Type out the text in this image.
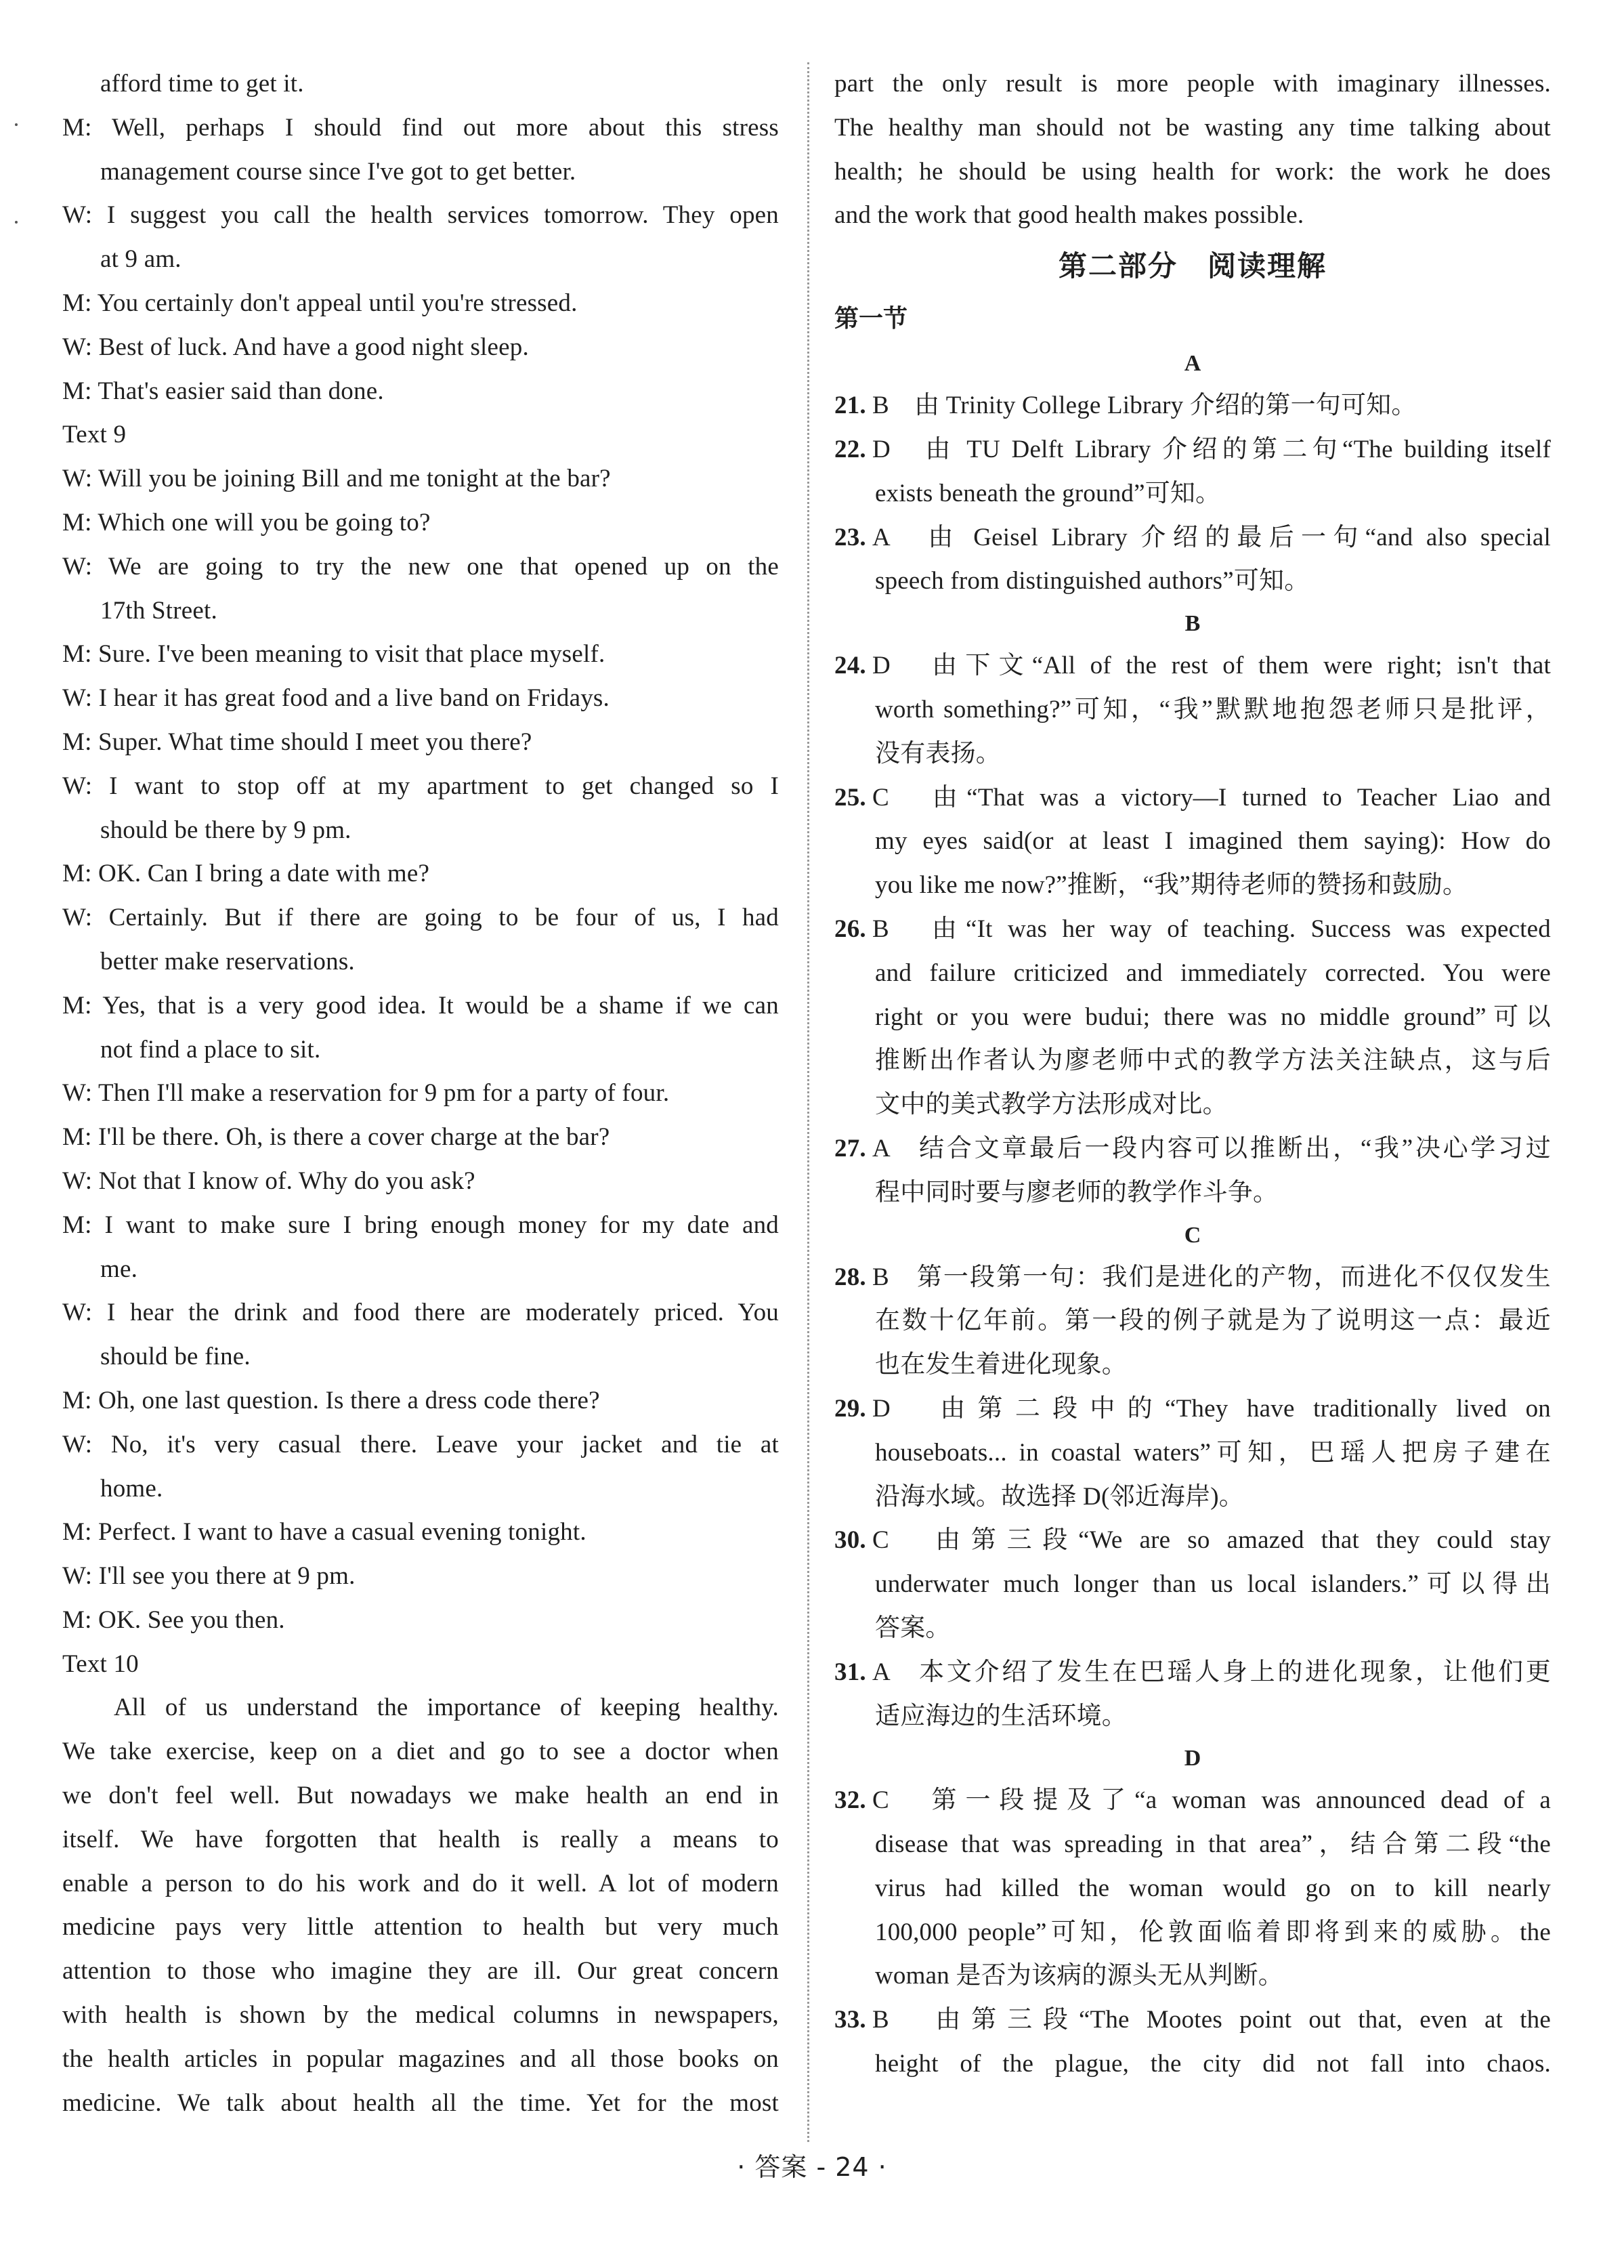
afford time to get it.
M: Well, perhaps I should find out more about this stress
management course since I've got to get better.
W: I suggest you call the health services tomorrow. They open
at 9 am.
M: You certainly don't appeal until you're stressed.
W: Best of luck. And have a good night sleep.
M: That's easier said than done.
Text 9
W: Will you be joining Bill and me tonight at the bar?
M: Which one will you be going to?
W: We are going to try the new one that opened up on the
17th Street.
M: Sure. I've been meaning to visit that place myself.
W: I hear it has great food and a live band on Fridays.
M: Super. What time should I meet you there?
W: I want to stop off at my apartment to get changed so I
should be there by 9 pm.
M: OK. Can I bring a date with me?
W: Certainly. But if there are going to be four of us, I had
better make reservations.
M: Yes, that is a very good idea. It would be a shame if we can
not find a place to sit.
W: Then I'll make a reservation for 9 pm for a party of four.
M: I'll be there. Oh, is there a cover charge at the bar?
W: Not that I know of. Why do you ask?
M: I want to make sure I bring enough money for my date and
me.
W: I hear the drink and food there are moderately priced. You
should be fine.
M: Oh, one last question. Is there a dress code there?
W: No, it's very casual there. Leave your jacket and tie at
home.
M: Perfect. I want to have a casual evening tonight.
W: I'll see you there at 9 pm.
M: OK. See you then.
Text 10
All of us understand the importance of keeping healthy.
We take exercise, keep on a diet and go to see a doctor when
we don't feel well. But nowadays we make health an end in
itself. We have forgotten that health is really a means to
enable a person to do his work and do it well. A lot of modern
medicine pays very little attention to health but very much
attention to those who imagine they are ill. Our great concern
with health is shown by the medical columns in newspapers,
the health articles in popular magazines and all those books on
medicine. We talk about health all the time. Yet for the most
part the only result is more people with imaginary illnesses.
The healthy man should not be wasting any time talking about
health; he should be using health for work: the work he does
and the work that good health makes possible.
第二部分　阅读理解
第一节
A
21. B　由 Trinity College Library 介绍的第一句可知。
22. D　由 TU Delft Library 介绍的第二句“The building itself
exists beneath the ground”可知。
23. A　由 Geisel Library 介绍的最后一句“and also special
speech from distinguished authors”可知。
B
24. D　由下文“All of the rest of them were right; isn't that
worth something?”可知，“我”默默地抱怨老师只是批评，
没有表扬。
25. C　由“That was a victory—I turned to Teacher Liao and
my eyes said(or at least I imagined them saying): How do
you like me now?”推断，“我”期待老师的赞扬和鼓励。
26. B　由“It was her way of teaching. Success was expected
and failure criticized and immediately corrected. You were
right or you were budui; there was no middle ground”可以
推断出作者认为廖老师中式的教学方法关注缺点，这与后
文中的美式教学方法形成对比。
27. A　结合文章最后一段内容可以推断出，“我”决心学习过
程中同时要与廖老师的教学作斗争。
C
28. B　第一段第一句：我们是进化的产物，而进化不仅仅发生
在数十亿年前。第一段的例子就是为了说明这一点：最近
也在发生着进化现象。
29. D　由第二段中的“They have traditionally lived on
houseboats... in coastal waters”可知，巴瑶人把房子建在
沿海水域。故选择 D(邻近海岸)。
30. C　由第三段“We are so amazed that they could stay
underwater much longer than us local islanders.”可以得出
答案。
31. A　本文介绍了发生在巴瑶人身上的进化现象，让他们更
适应海边的生活环境。
D
32. C　第一段提及了“a woman was announced dead of a
disease that was spreading in that area”，结合第二段“the
virus had killed the woman would go on to kill nearly
100,000 people”可知，伦敦面临着即将到来的威胁。the
woman 是否为该病的源头无从判断。
33. B　由第三段“The Mootes point out that, even at the
height of the plague, the city did not fall into chaos.
· 答案 - 24 ·
